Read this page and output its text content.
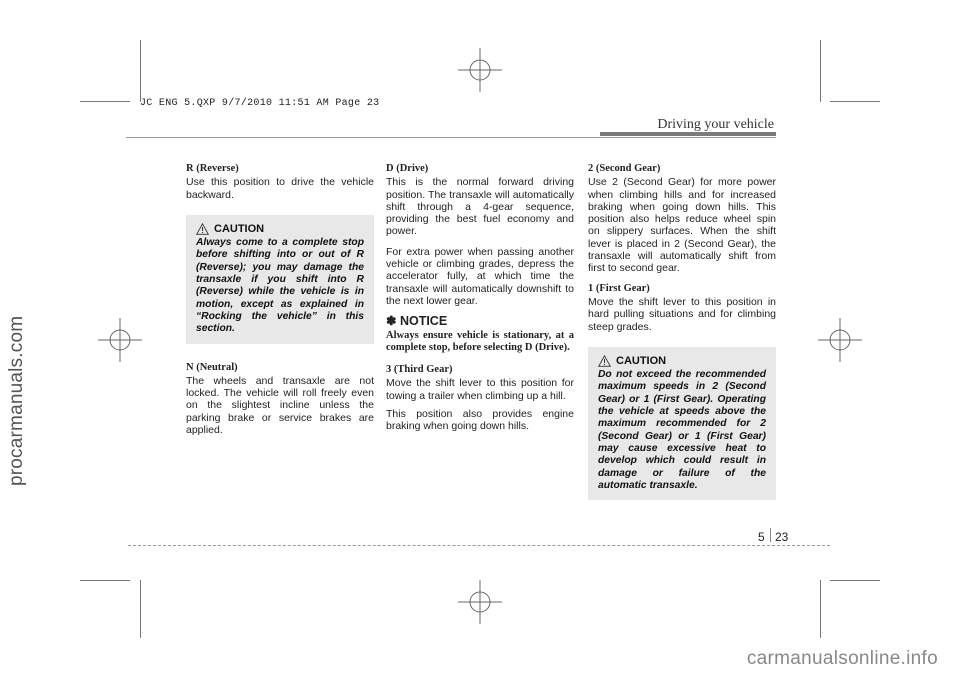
JC ENG 5.QXP 9/7/2010 11:51 AM Page 23
procarmanuals.com
carmanualsonline.info
Driving your vehicle
R (Reverse)

Use this position to drive the vehicle backward.

CAUTION
Always come to a complete stop before shifting into or out of R (Reverse); you may damage the transaxle if you shift into R (Reverse) while the vehicle is in motion, except as explained in “Rocking the vehicle” in this section.
N (Neutral)

The wheels and transaxle are not locked. The vehicle will roll freely even on the slightest incline unless the parking brake or service brakes are applied.

D (Drive)

This is the normal forward driving position. The transaxle will automatically shift through a 4-gear sequence, providing the best fuel economy and power.

For extra power when passing another vehicle or climbing grades, depress the accelerator fully, at which time the transaxle will automatically downshift to the next lower gear.

✽ NOTICE
Always ensure vehicle is stationary, at a complete stop, before selecting D (Drive).
3 (Third Gear)

Move the shift lever to this position for towing a trailer when climbing up a hill.

This position also provides engine braking when going down hills.

2 (Second Gear)

Use 2 (Second Gear) for more power when climbing hills and for increased braking when going down hills. This position also helps reduce wheel spin on slippery surfaces. When the shift lever is placed in 2 (Second Gear), the transaxle will automatically shift from first to second gear.

1 (First Gear)

Move the shift lever to this position in hard pulling situations and for climbing steep grades.

CAUTION
Do not exceed the recommended maximum speeds in 2 (Second Gear) or 1 (First Gear). Operating the vehicle at speeds above the maximum recommended for 2 (Second Gear) or 1 (First Gear) may cause excessive heat to develop which could result in damage or failure of the automatic transaxle.
5 23
